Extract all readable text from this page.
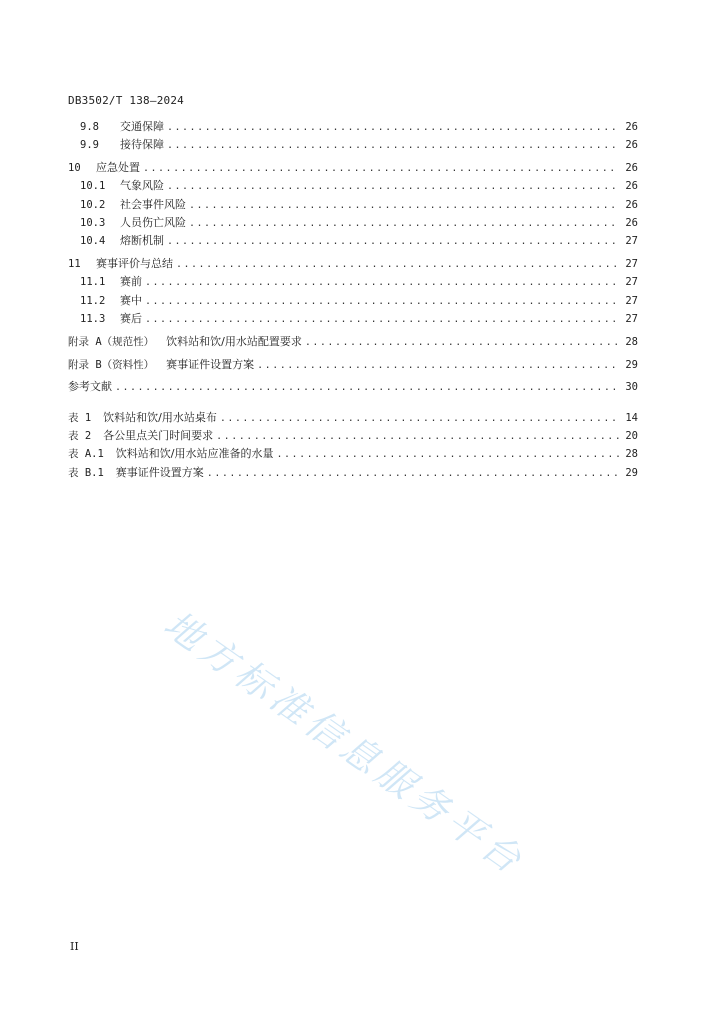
DB3502/T 138—2024
9.8	交通保障 .....	26
9.9	接待保障 .....	26
10	应急处置 .....	26
10.1	气象风险 .....	26
10.2	社会事件风险 .....	26
10.3	人员伤亡风险 .....	26
10.4	熔断机制 .....	27
11	赛事评价与总结 .....	27
11.1	赛前 .....	27
11.2	赛中 .....	27
11.3	赛后 .....	27
附录 A（规范性） 饮料站和饮/用水站配置要求 .....	28
附录 B（资料性） 赛事证件设置方案 .....	29
参考文献 .....	30
表 1 饮料站和饮/用水站桌布 .....	14
表 2 各公里点关门时间要求 .....	20
表 A.1 饮料站和饮/用水站应准备的水量 .....	28
表 B.1 赛事证件设置方案 .....	29
地方标准信息服务平台
II
